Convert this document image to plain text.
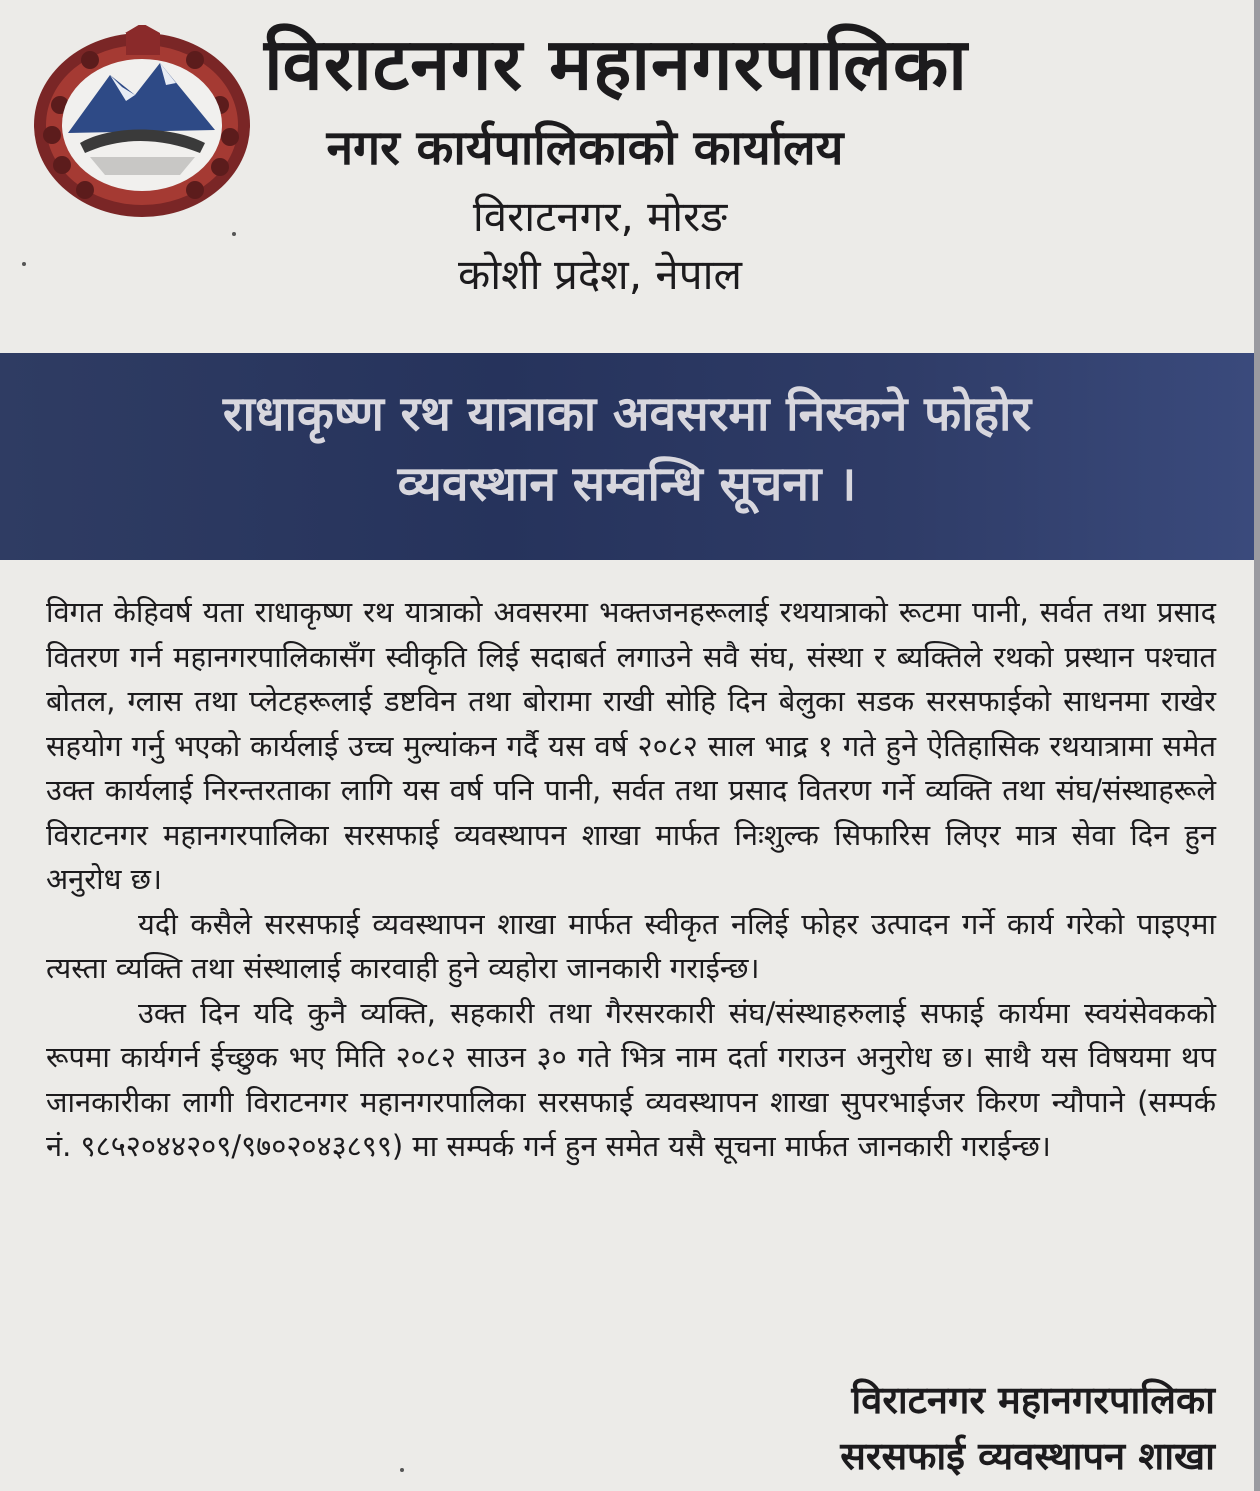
विराटनगर महानगरपालिका
नगर कार्यपालिकाको कार्यालय
विराटनगर, मोरङ
कोशी प्रदेश, नेपाल
राधाकृष्ण रथ यात्राका अवसरमा निस्कने फोहोर
व्यवस्थान सम्वन्धि सूचना ।

विगत केहिवर्ष यता राधाकृष्ण रथ यात्राको अवसरमा भक्तजनहरूलाई रथयात्राको रूटमा पानी, सर्वत तथा प्रसाद वितरण गर्न महानगरपालिकासँग स्वीकृति लिई सदाबर्त लगाउने सवै संघ, संस्था र ब्यक्तिले रथको प्रस्थान पश्चात बोतल, ग्लास तथा प्लेटहरूलाई डष्टविन तथा बोरामा राखी सोहि दिन बेलुका सडक सरसफाईको साधनमा राखेर सहयोग गर्नु भएको कार्यलाई उच्च मुल्यांकन गर्दै यस वर्ष २०८२ साल भाद्र १ गते हुने ऐतिहासिक रथयात्रामा समेत उक्त कार्यलाई निरन्तरताका लागि यस वर्ष पनि पानी, सर्वत तथा प्रसाद वितरण गर्ने व्यक्ति तथा संघ/संस्थाहरूले विराटनगर महानगरपालिका सरसफाई व्यवस्थापन शाखा मार्फत निःशुल्क सिफारिस लिएर मात्र सेवा दिन हुन अनुरोध छ।

यदी कसैले सरसफाई व्यवस्थापन शाखा मार्फत स्वीकृत नलिई फोहर उत्पादन गर्ने कार्य गरेको पाइएमा त्यस्ता व्यक्ति तथा संस्थालाई कारवाही हुने व्यहोरा जानकारी गराईन्छ।

उक्त दिन यदि कुनै व्यक्ति, सहकारी तथा गैरसरकारी संघ/संस्थाहरुलाई सफाई कार्यमा स्वयंसेवकको रूपमा कार्यगर्न ईच्छुक भए मिति २०८२ साउन ३० गते भित्र नाम दर्ता गराउन अनुरोध छ। साथै यस विषयमा थप जानकारीका लागी विराटनगर महानगरपालिका सरसफाई व्यवस्थापन शाखा सुपरभाईजर किरण न्यौपाने (सम्पर्क नं. ९८५२०४४२०९/९७०२०४३८९९) मा सम्पर्क गर्न हुन समेत यसै सूचना मार्फत जानकारी गराईन्छ।

विराटनगर महानगरपालिका
सरसफाई व्यवस्थापन शाखा
